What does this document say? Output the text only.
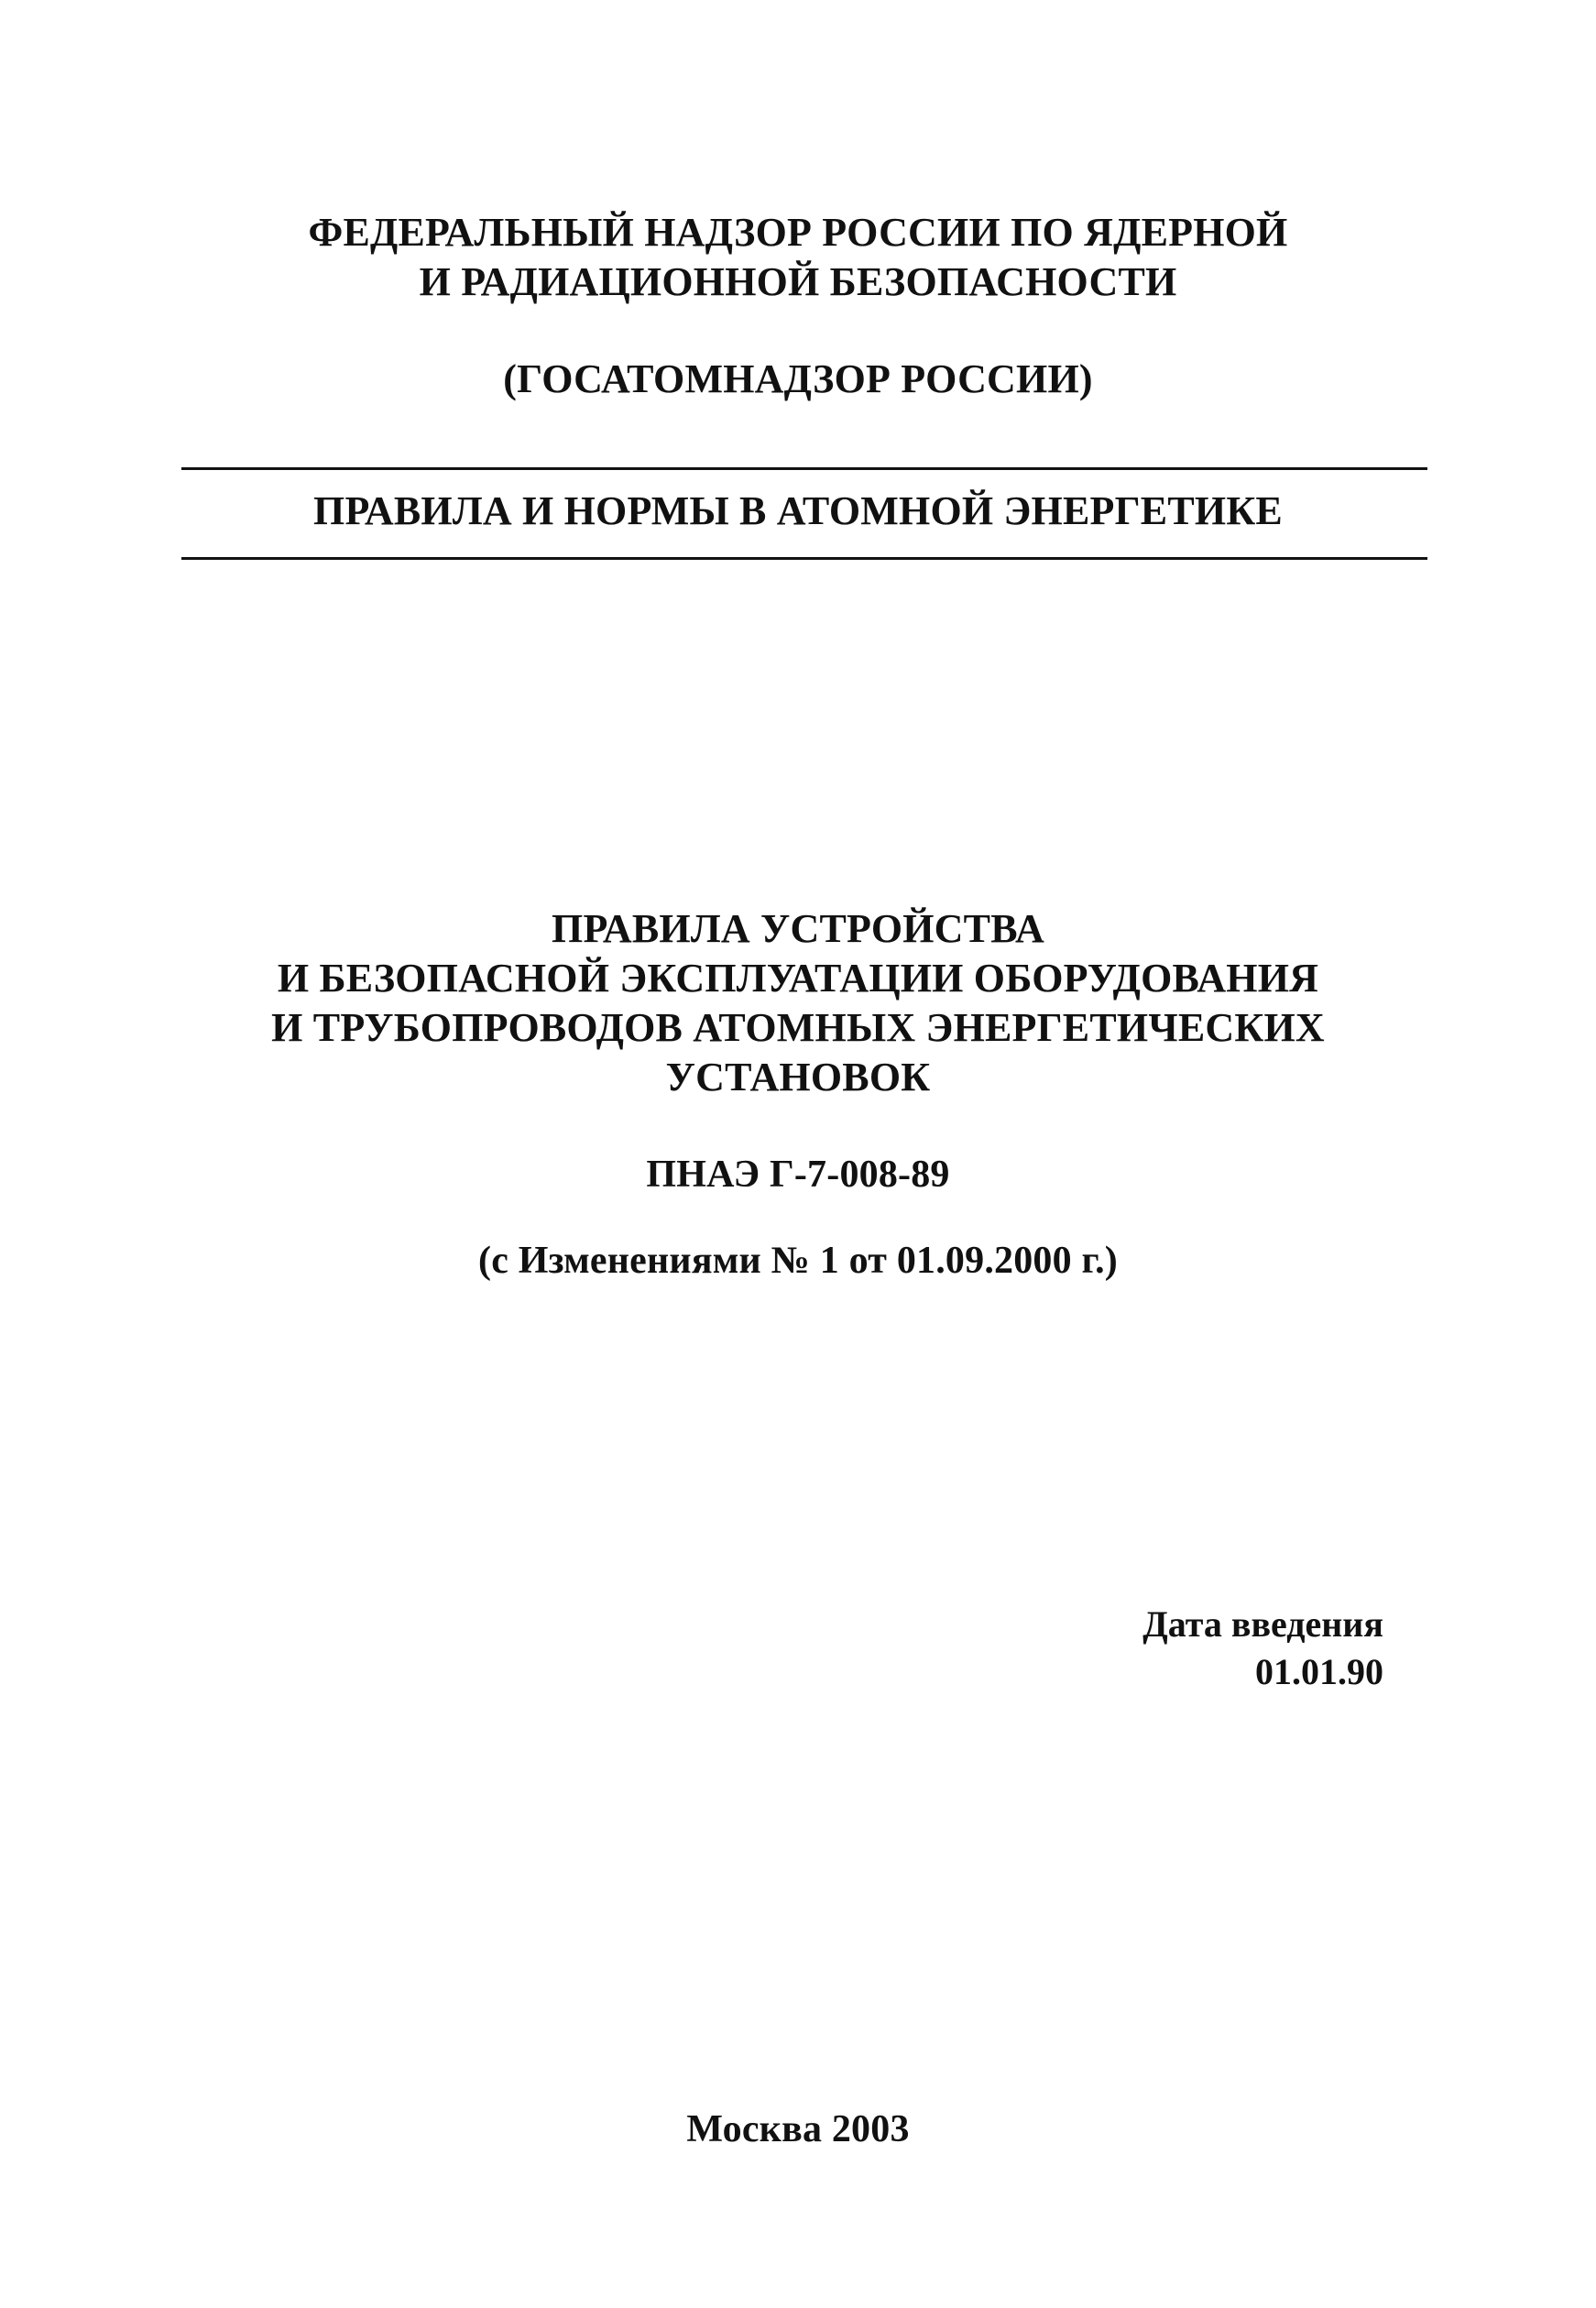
ФЕДЕРАЛЬНЫЙ НАДЗОР РОССИИ ПО ЯДЕРНОЙ
И РАДИАЦИОННОЙ БЕЗОПАСНОСТИ
(ГОСАТОМНАДЗОР РОССИИ)
ПРАВИЛА И НОРМЫ В АТОМНОЙ ЭНЕРГЕТИКЕ
ПРАВИЛА УСТРОЙСТВА
И БЕЗОПАСНОЙ ЭКСПЛУАТАЦИИ ОБОРУДОВАНИЯ
И ТРУБОПРОВОДОВ АТОМНЫХ ЭНЕРГЕТИЧЕСКИХ
УСТАНОВОК
ПНАЭ Г-7-008-89
(с Изменениями № 1 от 01.09.2000 г.)
Дата введения
01.01.90
Москва 2003
